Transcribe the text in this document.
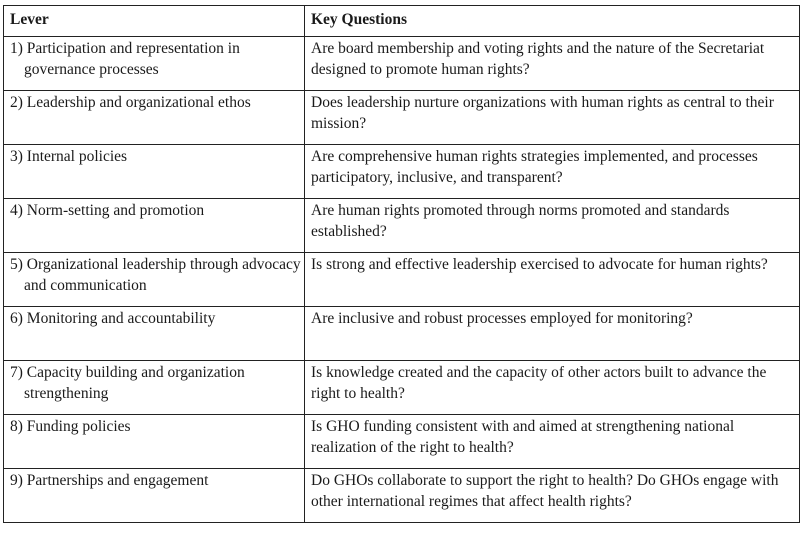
Lever	Key Questions

1) Participation and representation in governance processes	Are board membership and voting rights and the nature of the Secretariat designed to promote human rights?

2) Leadership and organizational ethos	Does leadership nurture organizations with human rights as central to their mission?

3) Internal policies	Are comprehensive human rights strategies implemented, and processes participatory, inclusive, and transparent?

4) Norm-setting and promotion	Are human rights promoted through norms promoted and standards established?

5) Organizational leadership through advocacy and communication	Is strong and effective leadership exercised to advocate for human rights?

6) Monitoring and accountability	Are inclusive and robust processes employed for monitoring?

7) Capacity building and organization strengthening	Is knowledge created and the capacity of other actors built to advance the right to health?

8) Funding policies	Is GHO funding consistent with and aimed at strengthening national realization of the right to health?

9) Partnerships and engagement	Do GHOs collaborate to support the right to health? Do GHOs engage with other international regimes that affect health rights?
